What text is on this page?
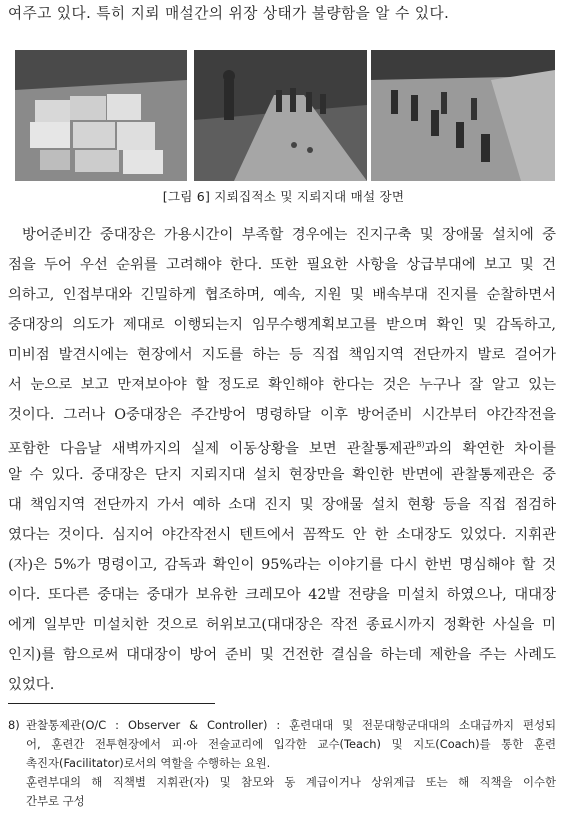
여주고 있다. 특히 지뢰 매설간의 위장 상태가 불량함을 알 수 있다.
[그림 6] 지뢰집적소 및 지뢰지대 매설 장면
방어준비간 중대장은 가용시간이 부족할 경우에는 진지구축 및 장애물 설치에 중
점을 두어 우선 순위를 고려해야 한다. 또한 필요한 사항을 상급부대에 보고 및 건
의하고, 인접부대와 긴밀하게 협조하며, 예속, 지원 및 배속부대 진지를 순찰하면서
중대장의 의도가 제대로 이행되는지 임무수행계획보고를 받으며 확인 및 감독하고,
미비점 발견시에는 현장에서 지도를 하는 등 직접 책임지역 전단까지 발로 걸어가
서 눈으로 보고 만져보아야 할 정도로 확인해야 한다는 것은 누구나 잘 알고 있는
것이다. 그러나 O중대장은 주간방어 명령하달 이후 방어준비 시간부터 야간작전을
포함한 다음날 새벽까지의 실제 이동상황을 보면 관찰통제관$^{8)}$과의 확연한 차이를
알 수 있다. 중대장은 단지 지뢰지대 설치 현장만을 확인한 반면에 관찰통제관은 중
대 책임지역 전단까지 가서 예하 소대 진지 및 장애물 설치 현황 등을 직접 점검하
였다는 것이다. 심지어 야간작전시 텐트에서 꼼짝도 안 한 소대장도 있었다. 지휘관
(자)은 5%가 명령이고, 감독과 확인이 95%라는 이야기를 다시 한번 명심해야 할 것
이다. 또다른 중대는 중대가 보유한 크레모아 42발 전량을 미설치 하였으나, 대대장
에게 일부만 미설치한 것으로 허위보고(대대장은 작전 종료시까지 정확한 사실을 미
인지)를 함으로써 대대장이 방어 준비 및 건전한 결심을 하는데 제한을 주는 사례도
있었다.
8) 관찰통제관(O/C : Observer & Controller) : 훈련대대 및 전문대항군대대의 소대급까지 편성되
어, 훈련간 전투현장에서 피·아 전술교리에 입각한 교수(Teach) 및 지도(Coach)를 통한 훈련
촉진자(Facilitator)로서의 역할을 수행하는 요원.
훈련부대의 해 직책별 지휘관(자) 및 참모와 동 계급이거나 상위계급 또는 해 직책을 이수한
간부로 구성
